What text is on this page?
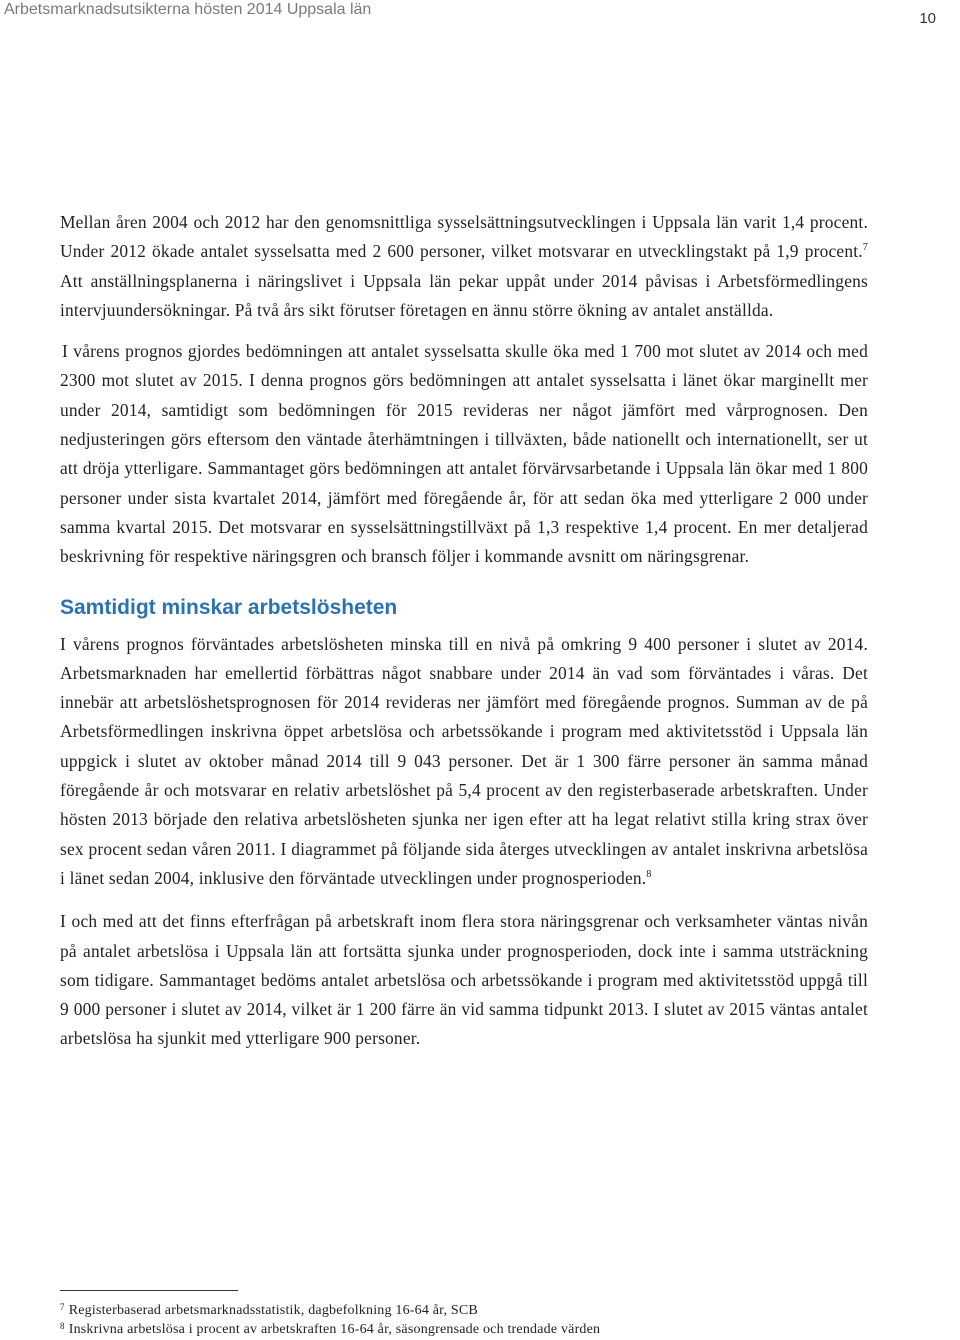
Arbetsmarknadsutsikterna hösten 2014 Uppsala län
10

Mellan åren 2004 och 2012 har den genomsnittliga sysselsättningsutvecklingen i Uppsala län varit 1,4 procent. Under 2012 ökade antalet sysselsatta med 2 600 personer, vilket motsvarar en utvecklingstakt på 1,9 procent.$^7$ Att anställningsplanerna i näringslivet i Uppsala län pekar uppåt under 2014 påvisas i Arbetsförmedlingens intervjuundersökningar. På två års sikt förutser företagen en ännu större ökning av antalet anställda.

I vårens prognos gjordes bedömningen att antalet sysselsatta skulle öka med 1 700 mot slutet av 2014 och med 2300 mot slutet av 2015. I denna prognos görs bedömningen att antalet sysselsatta i länet ökar marginellt mer under 2014, samtidigt som bedömningen för 2015 revideras ner något jämfört med vårprognosen. Den nedjusteringen görs eftersom den väntade återhämtningen i tillväxten, både nationellt och internationellt, ser ut att dröja ytterligare. Sammantaget görs bedömningen att antalet förvärvsarbetande i Uppsala län ökar med 1 800 personer under sista kvartalet 2014, jämfört med föregående år, för att sedan öka med ytterligare 2 000 under samma kvartal 2015. Det motsvarar en sysselsättningstillväxt på 1,3 respektive 1,4 procent. En mer detaljerad beskrivning för respektive näringsgren och bransch följer i kommande avsnitt om näringsgrenar.

Samtidigt minskar arbetslösheten

I vårens prognos förväntades arbetslösheten minska till en nivå på omkring 9 400 personer i slutet av 2014. Arbetsmarknaden har emellertid förbättras något snabbare under 2014 än vad som förväntades i våras. Det innebär att arbetslöshetsprognosen för 2014 revideras ner jämfört med föregående prognos. Summan av de på Arbetsförmedlingen inskrivna öppet arbetslösa och arbetssökande i program med aktivitetsstöd i Uppsala län uppgick i slutet av oktober månad 2014 till 9 043 personer. Det är 1 300 färre personer än samma månad föregående år och motsvarar en relativ arbetslöshet på 5,4 procent av den registerbaserade arbetskraften. Under hösten 2013 började den relativa arbetslösheten sjunka ner igen efter att ha legat relativt stilla kring strax över sex procent sedan våren 2011. I diagrammet på följande sida återges utvecklingen av antalet inskrivna arbetslösa i länet sedan 2004, inklusive den förväntade utvecklingen under prognosperioden.$^8$

I och med att det finns efterfrågan på arbetskraft inom flera stora näringsgrenar och verksamheter väntas nivån på antalet arbetslösa i Uppsala län att fortsätta sjunka under prognosperioden, dock inte i samma utsträckning som tidigare. Sammantaget bedöms antalet arbetslösa och arbetssökande i program med aktivitetsstöd uppgå till 9 000 personer i slutet av 2014, vilket är 1 200 färre än vid samma tidpunkt 2013. I slutet av 2015 väntas antalet arbetslösa ha sjunkit med ytterligare 900 personer.

$^7$ Registerbaserad arbetsmarknadsstatistik, dagbefolkning 16-64 år, SCB

$^8$ Inskrivna arbetslösa i procent av arbetskraften 16-64 år, säsongrensade och trendade värden
